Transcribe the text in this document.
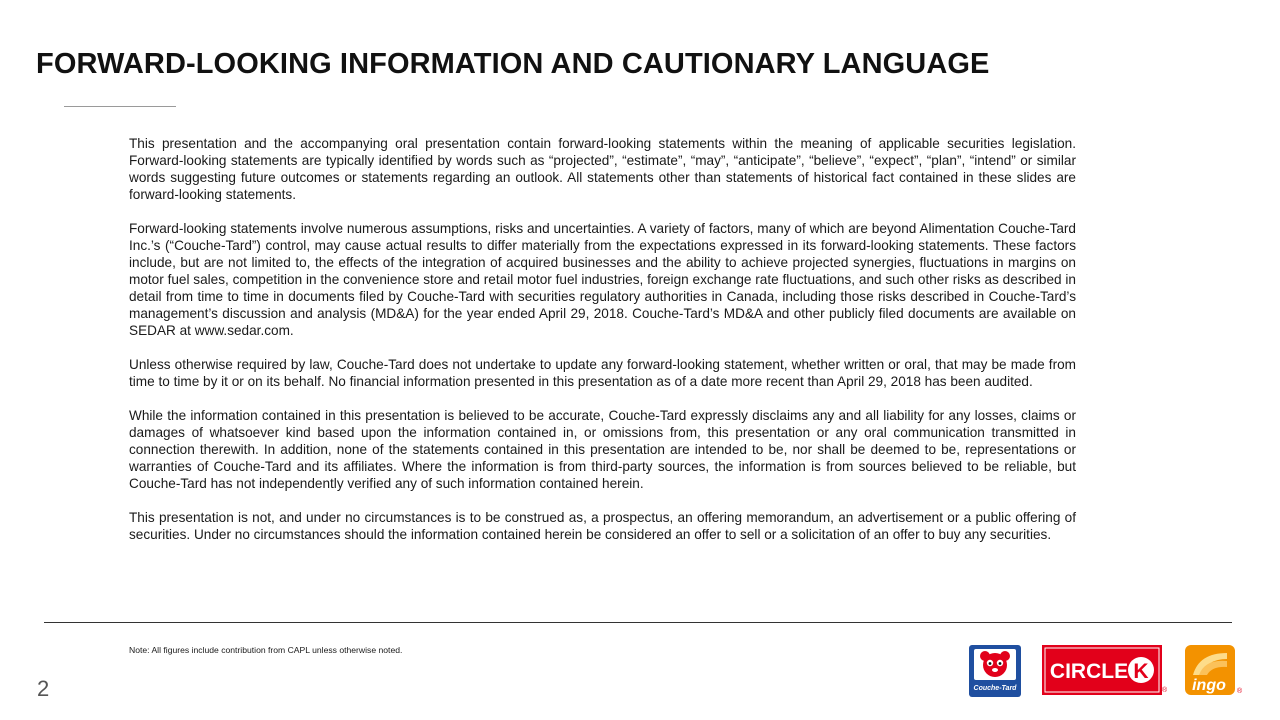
FORWARD-LOOKING INFORMATION AND CAUTIONARY LANGUAGE

This presentation and the accompanying oral presentation contain forward-looking statements within the meaning of applicable securities legislation. Forward-looking statements are typically identified by words such as “projected”, “estimate”, “may”, “anticipate”, “believe”, “expect”, “plan”, “intend” or similar words suggesting future outcomes or statements regarding an outlook. All statements other than statements of historical fact contained in these slides are forward-looking statements.

Forward-looking statements involve numerous assumptions, risks and uncertainties. A variety of factors, many of which are beyond Alimentation Couche-Tard Inc.’s (“Couche-Tard”) control, may cause actual results to differ materially from the expectations expressed in its forward-looking statements. These factors include, but are not limited to, the effects of the integration of acquired businesses and the ability to achieve projected synergies, fluctuations in margins on motor fuel sales, competition in the convenience store and retail motor fuel industries, foreign exchange rate fluctuations, and such other risks as described in detail from time to time in documents filed by Couche-Tard with securities regulatory authorities in Canada, including those risks described in Couche-Tard’s management’s discussion and analysis (MD&A) for the year ended April 29, 2018. Couche-Tard’s MD&A and other publicly filed documents are available on SEDAR at www.sedar.com.

Unless otherwise required by law, Couche-Tard does not undertake to update any forward-looking statement, whether written or oral, that may be made from time to time by it or on its behalf. No financial information presented in this presentation as of a date more recent than April 29, 2018 has been audited.

While the information contained in this presentation is believed to be accurate, Couche-Tard expressly disclaims any and all liability for any losses, claims or damages of whatsoever kind based upon the information contained in, or omissions from, this presentation or any oral communication transmitted in connection therewith. In addition, none of the statements contained in this presentation are intended to be, nor shall be deemed to be, representations or warranties of Couche-Tard and its affiliates. Where the information is from third-party sources, the information is from sources believed to be reliable, but Couche-Tard has not independently verified any of such information contained herein.

This presentation is not, and under no circumstances is to be construed as, a prospectus, an offering memorandum, an advertisement or a public offering of securities. Under no circumstances should the information contained herein be considered an offer to sell or a solicitation of an offer to buy any securities.

Note: All figures include contribution from CAPL unless otherwise noted.
2	Couche-Tard
CIRCLE K
® ingo ®
